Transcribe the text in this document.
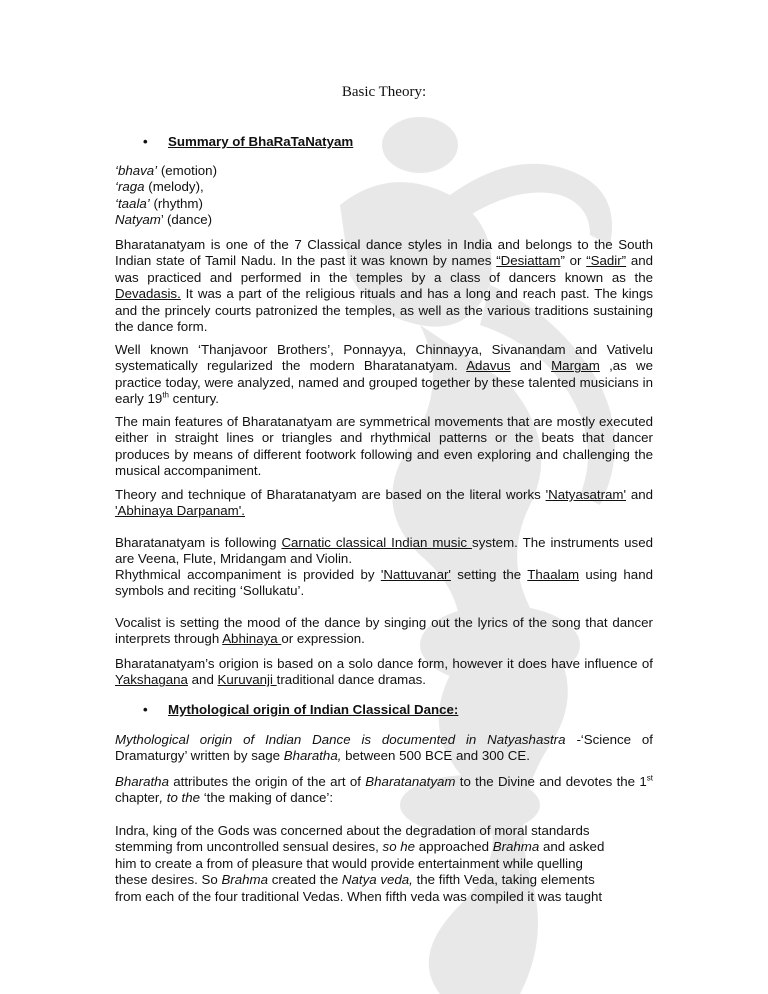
Basic Theory:
• Summary of BhaRaTaNatyam
‘bhava’ (emotion)
‘raga (melody),
‘taala’ (rhythm)
Natyam’ (dance)
Bharatanatyam is one of the 7 Classical dance styles in India and belongs to the South Indian state of Tamil Nadu. In the past it was known by names “Desiattam” or “Sadir” and was practiced and performed in the temples by a class of dancers known as the Devadasis. It was a part of the religious rituals and has a long and reach past. The kings and the princely courts patronized the temples, as well as the various traditions sustaining the dance form.
Well known ‘Thanjavoor Brothers’, Ponnayya, Chinnayya, Sivanandam and Vativelu systematically regularized the modern Bharatanatyam. Adavus and Margam ,as we practice today, were analyzed, named and grouped together by these talented musicians in early 19th century.
The main features of Bharatanatyam are symmetrical movements that are mostly executed either in straight lines or triangles and rhythmical patterns or the beats that dancer produces by means of different footwork following and even exploring and challenging the musical accompaniment.
Theory and technique of Bharatanatyam are based on the literal works 'Natyasatram' and 'Abhinaya Darpanam'.
Bharatanatyam is following Carnatic classical Indian music system. The instruments used are Veena, Flute, Mridangam and Violin.
Rhythmical accompaniment is provided by 'Nattuvanar' setting the Thaalam using hand symbols and reciting ‘Sollukatu’.
Vocalist is setting the mood of the dance by singing out the lyrics of the song that dancer interprets through Abhinaya or expression.
Bharatanatyam’s origion is based on a solo dance form, however it does have influence of Yakshagana and Kuruvanji traditional dance dramas.
• Mythological origin of Indian Classical Dance:
Mythological origin of Indian Dance is documented in Natyashastra -‘Science of Dramaturgy’ written by sage Bharatha, between 500 BCE and 300 CE.
Bharatha attributes the origin of the art of Bharatanatyam to the Divine and devotes the 1st chapter, to the ‘the making of dance’:
Indra, king of the Gods was concerned about the degradation of moral standards
stemming from uncontrolled sensual desires, so he approached Brahma and asked
him to create a from of pleasure that would provide entertainment while quelling
these desires. So Brahma created the Natya veda, the fifth Veda, taking elements
from each of the four traditional Vedas. When fifth veda was compiled it was taught
